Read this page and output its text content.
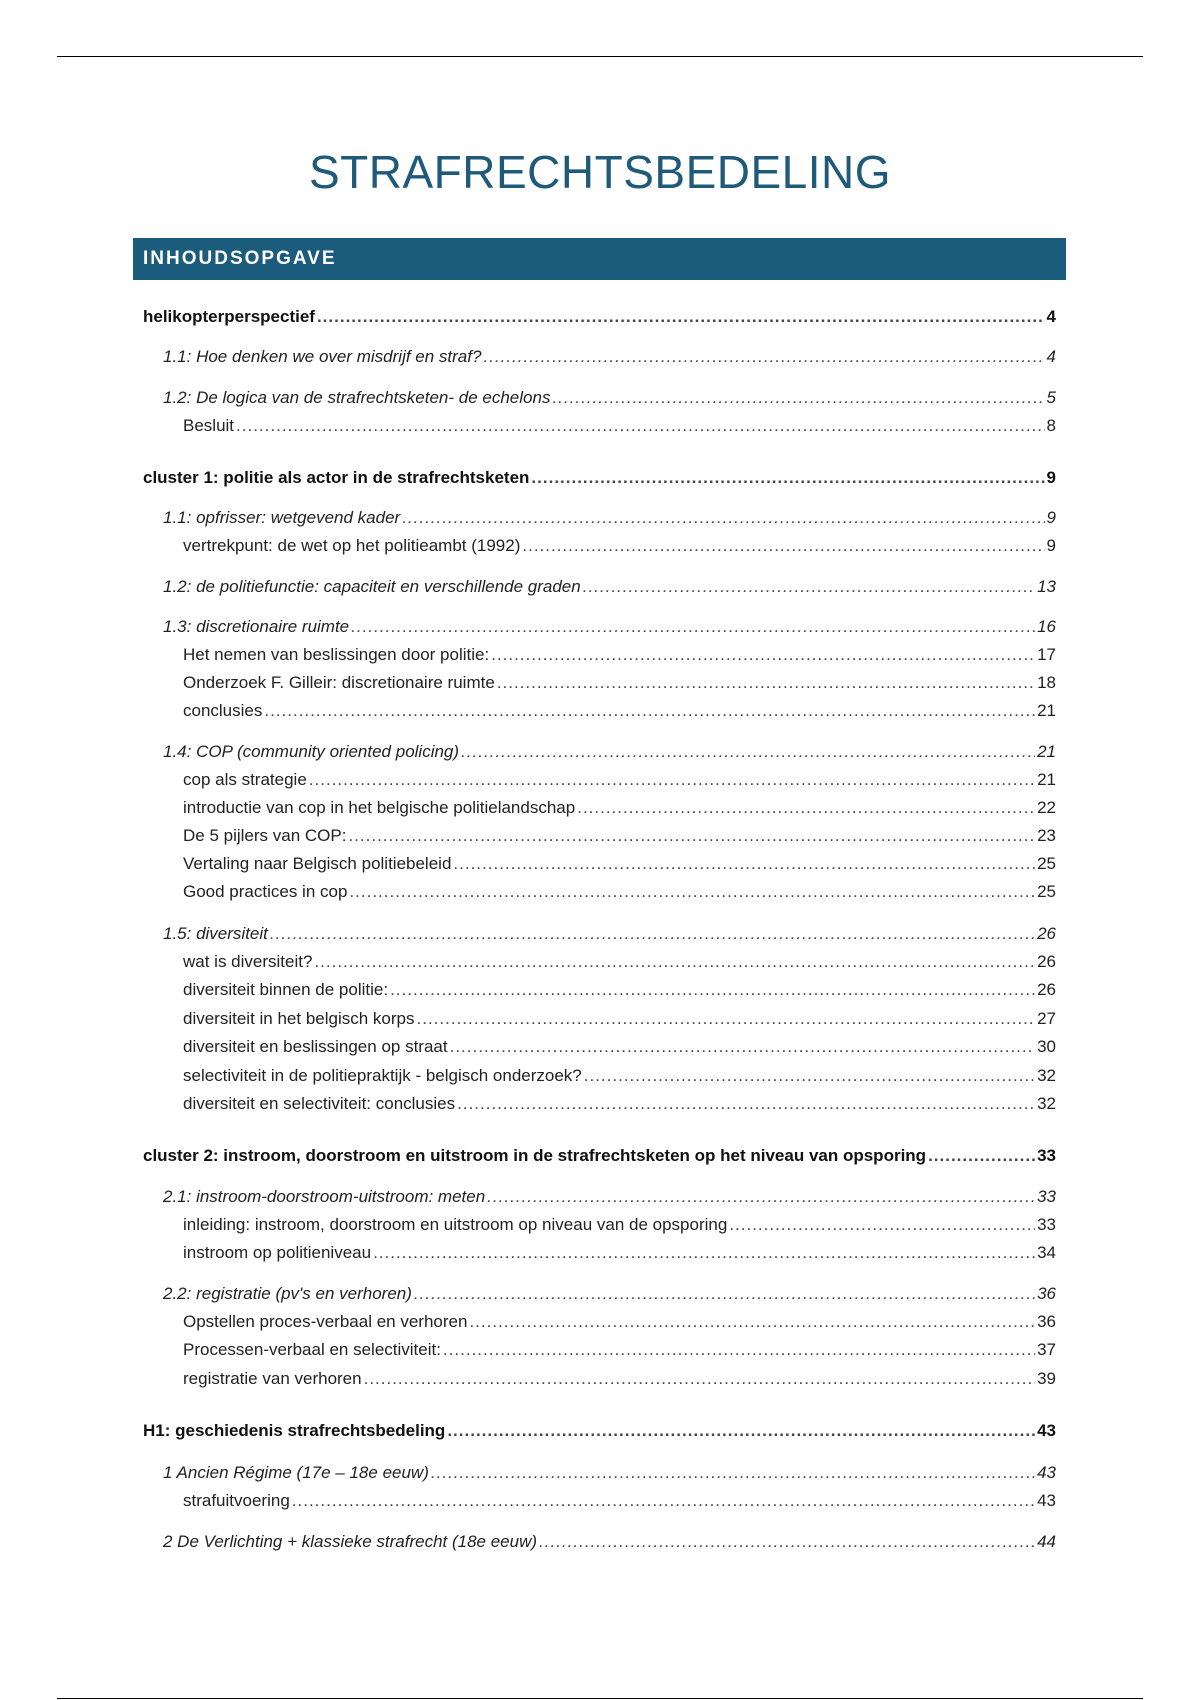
STRAFRECHTSBEDELING
INHOUDSOPGAVE
helikopterperspectief .....	4
1.1: Hoe denken we over misdrijf en straf? .....	4
1.2: De logica van de strafrechtsketen- de echelons .....	5
Besluit .....	8
cluster 1: politie als actor in de strafrechtsketen .....	9
1.1: opfrisser: wetgevend kader .....	9
vertrekpunt: de wet op het politieambt (1992) .....	9
1.2: de politiefunctie: capaciteit en verschillende graden .....	13
1.3: discretionaire ruimte .....	16
Het nemen van beslissingen door politie: .....	17
Onderzoek F. Gilleir: discretionaire ruimte .....	18
conclusies .....	21
1.4: COP (community oriented policing) .....	21
cop als strategie .....	21
introductie van cop in het belgische politielandschap .....	22
De 5 pijlers van COP: .....	23
Vertaling naar Belgisch politiebeleid .....	25
Good practices in cop .....	25
1.5: diversiteit .....	26
wat is diversiteit? .....	26
diversiteit binnen de politie: .....	26
diversiteit in het belgisch korps .....	27
diversiteit en beslissingen op straat .....	30
selectiviteit in de politiepraktijk - belgisch onderzoek? .....	32
diversiteit en selectiviteit: conclusies .....	32
cluster 2: instroom, doorstroom en uitstroom in de strafrechtsketen op het niveau van opsporing .....	33
2.1: instroom-doorstroom-uitstroom: meten .....	33
inleiding: instroom, doorstroom en uitstroom op niveau van de opsporing .....	33
instroom op politieniveau .....	34
2.2: registratie (pv's en verhoren) .....	36
Opstellen proces-verbaal en verhoren .....	36
Processen-verbaal en selectiviteit: .....	37
registratie van verhoren .....	39
H1: geschiedenis strafrechtsbedeling .....	43
1 Ancien Régime (17e – 18e eeuw) .....	43
strafuitvoering .....	43
2 De Verlichting + klassieke strafrecht (18e eeuw) .....	44
